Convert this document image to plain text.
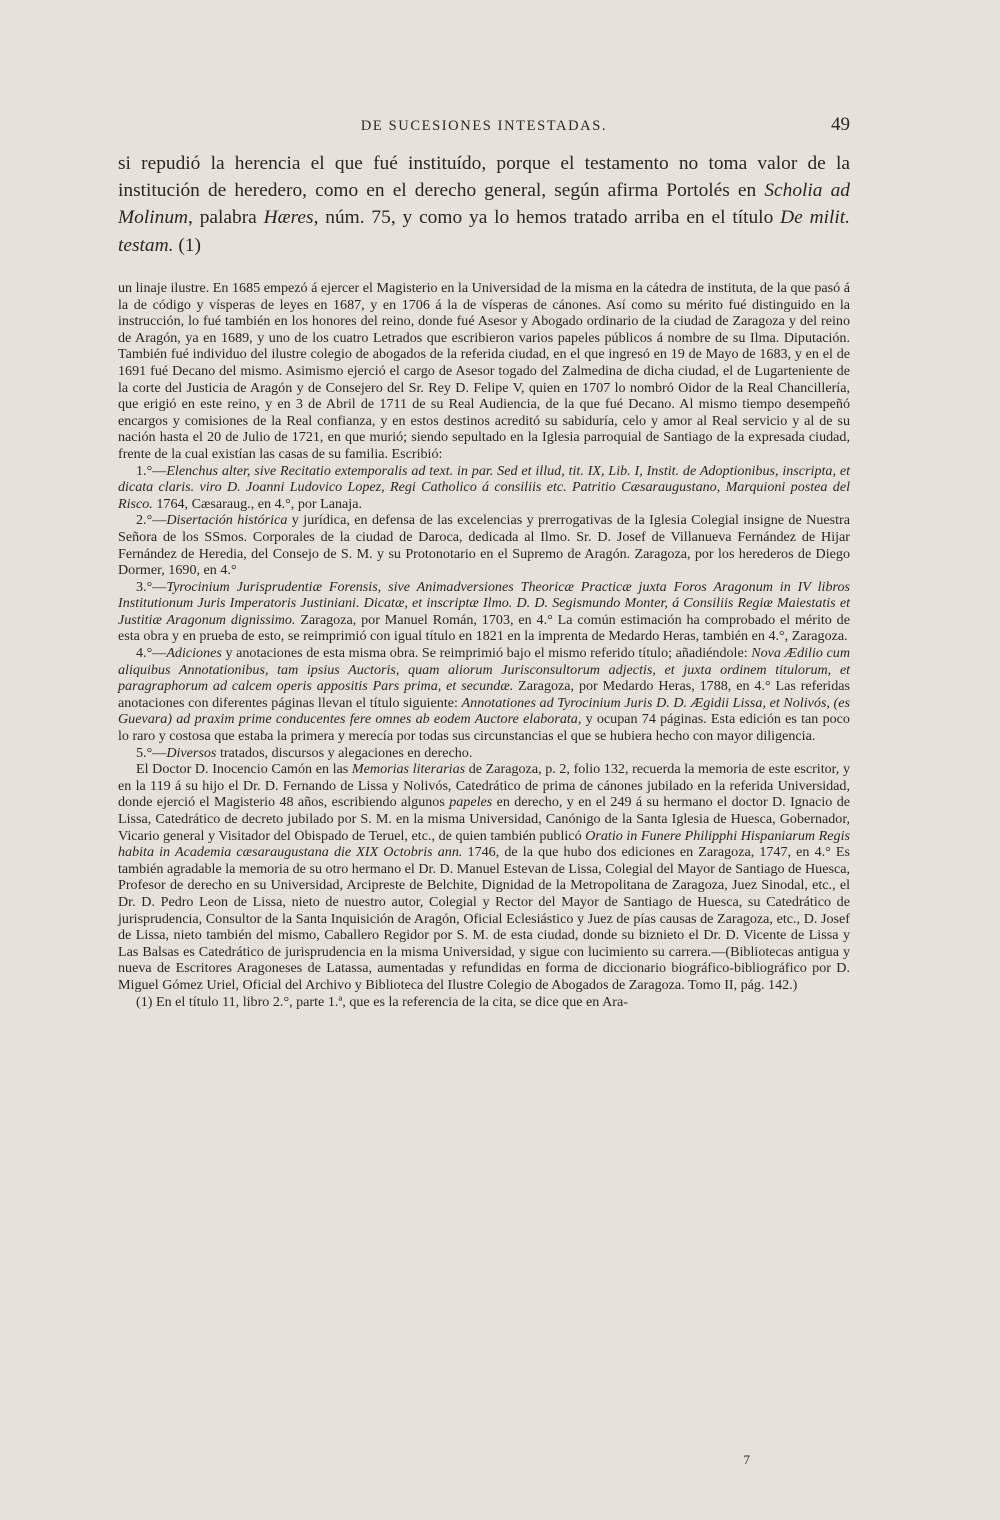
DE SUCESIONES INTESTADAS.	49

si repudió la herencia el que fué instituído, porque el testamento no toma valor de la institución de heredero, como en el derecho general, según afirma Portolés en Scholia ad Molinum, palabra Hæres, núm. 75, y como ya lo hemos tratado arriba en el título De milit. testam. (1)

un linaje ilustre. En 1685 empezó á ejercer el Magisterio en la Universidad de la misma en la cátedra de instituta, de la que pasó á la de código y vísperas de leyes en 1687, y en 1706 á la de vísperas de cánones. Así como su mérito fué distinguido en la instrucción, lo fué también en los honores del reino, donde fué Asesor y Abogado ordinario de la ciudad de Zaragoza y del reino de Aragón, ya en 1689, y uno de los cuatro Letrados que escribieron varios papeles públicos á nombre de su Ilma. Diputación. También fué individuo del ilustre colegio de abogados de la referida ciudad, en el que ingresó en 19 de Mayo de 1683, y en el de 1691 fué Decano del mismo. Asimismo ejerció el cargo de Asesor togado del Zalmedina de dicha ciudad, el de Lugarteniente de la corte del Justicia de Aragón y de Consejero del Sr. Rey D. Felipe V, quien en 1707 lo nombró Oidor de la Real Chancillería, que erigió en este reino, y en 3 de Abril de 1711 de su Real Audiencia, de la que fué Decano. Al mismo tiempo desempeñó encargos y comisiones de la Real confianza, y en estos destinos acreditó su sabiduría, celo y amor al Real servicio y al de su nación hasta el 20 de Julio de 1721, en que murió; siendo sepultado en la Iglesia parroquial de Santiago de la expresada ciudad, frente de la cual existían las casas de su familia. Escribió:

1.°—Elenchus alter, sive Recitatio extemporalis ad text. in par. Sed et illud, tit. IX, Lib. I, Instit. de Adoptionibus, inscripta, et dicata claris. viro D. Joanni Ludovico Lopez, Regi Catholico á consiliis etc. Patritio Cæsaraugustano, Marquioni postea del Risco. 1764, Cæsaraug., en 4.°, por Lanaja.

2.°—Disertación histórica y jurídica, en defensa de las excelencias y prerrogativas de la Iglesia Colegial insigne de Nuestra Señora de los SSmos. Corporales de la ciudad de Daroca, dedicada al Ilmo. Sr. D. Josef de Villanueva Fernández de Hijar Fernández de Heredia, del Consejo de S. M. y su Protonotario en el Supremo de Aragón. Zaragoza, por los herederos de Diego Dormer, 1690, en 4.°

3.°—Tyrocinium Jurisprudentiæ Forensis, sive Animadversiones Theoricæ Practicæ juxta Foros Aragonum in IV libros Institutionum Juris Imperatoris Justiniani. Dicatæ, et inscriptæ Ilmo. D. D. Segismundo Monter, á Consiliis Regiæ Maiestatis et Justitiæ Aragonum dignissimo. Zaragoza, por Manuel Román, 1703, en 4.° La común estimación ha comprobado el mérito de esta obra y en prueba de esto, se reimprimió con igual título en 1821 en la imprenta de Medardo Heras, también en 4.°, Zaragoza.

4.°—Adiciones y anotaciones de esta misma obra. Se reimprimió bajo el mismo referido título; añadiéndole: Nova Ædilio cum aliquibus Annotationibus, tam ipsius Auctoris, quam aliorum Jurisconsultorum adjectis, et juxta ordinem titulorum, et paragraphorum ad calcem operis appositis Pars prima, et secundæ. Zaragoza, por Medardo Heras, 1788, en 4.° Las referidas anotaciones con diferentes páginas llevan el título siguiente: Annotationes ad Tyrocinium Juris D. D. Ægidii Lissa, et Nolivós, (es Guevara) ad praxim prime conducentes fere omnes ab eodem Auctore elaborata, y ocupan 74 páginas. Esta edición es tan poco lo raro y costosa que estaba la primera y merecía por todas sus circunstancias el que se hubiera hecho con mayor diligencia.

5.°—Diversos tratados, discursos y alegaciones en derecho.

El Doctor D. Inocencio Camón en las Memorias literarias de Zaragoza, p. 2, folio 132, recuerda la memoria de este escritor, y en la 119 á su hijo el Dr. D. Fernando de Lissa y Nolivós, Catedrático de prima de cánones jubilado en la referida Universidad, donde ejerció el Magisterio 48 años, escribiendo algunos papeles en derecho, y en el 249 á su hermano el doctor D. Ignacio de Lissa, Catedrático de decreto jubilado por S. M. en la misma Universidad, Canónigo de la Santa Iglesia de Huesca, Gobernador, Vicario general y Visitador del Obispado de Teruel, etc., de quien también publicó Oratio in Funere Philipphi Hispaniarum Regis habita in Academia cæsaraugustana die XIX Octobris ann. 1746, de la que hubo dos ediciones en Zaragoza, 1747, en 4.° Es también agradable la memoria de su otro hermano el Dr. D. Manuel Estevan de Lissa, Colegial del Mayor de Santiago de Huesca, Profesor de derecho en su Universidad, Arcipreste de Belchite, Dignidad de la Metropolitana de Zaragoza, Juez Sinodal, etc., el Dr. D. Pedro Leon de Lissa, nieto de nuestro autor, Colegial y Rector del Mayor de Santiago de Huesca, su Catedrático de jurisprudencia, Consultor de la Santa Inquisición de Aragón, Oficial Eclesiástico y Juez de pías causas de Zaragoza, etc., D. Josef de Lissa, nieto también del mismo, Caballero Regidor por S. M. de esta ciudad, donde su biznieto el Dr. D. Vicente de Lissa y Las Balsas es Catedrático de jurisprudencia en la misma Universidad, y sigue con lucimiento su carrera.—(Bibliotecas antigua y nueva de Escritores Aragoneses de Latassa, aumentadas y refundidas en forma de diccionario biográfico-bibliográfico por D. Miguel Gómez Uriel, Oficial del Archivo y Biblioteca del Ilustre Colegio de Abogados de Zaragoza. Tomo II, pág. 142.)

(1) En el título 11, libro 2.°, parte 1.ª, que es la referencia de la cita, se dice que en Ara-

7
